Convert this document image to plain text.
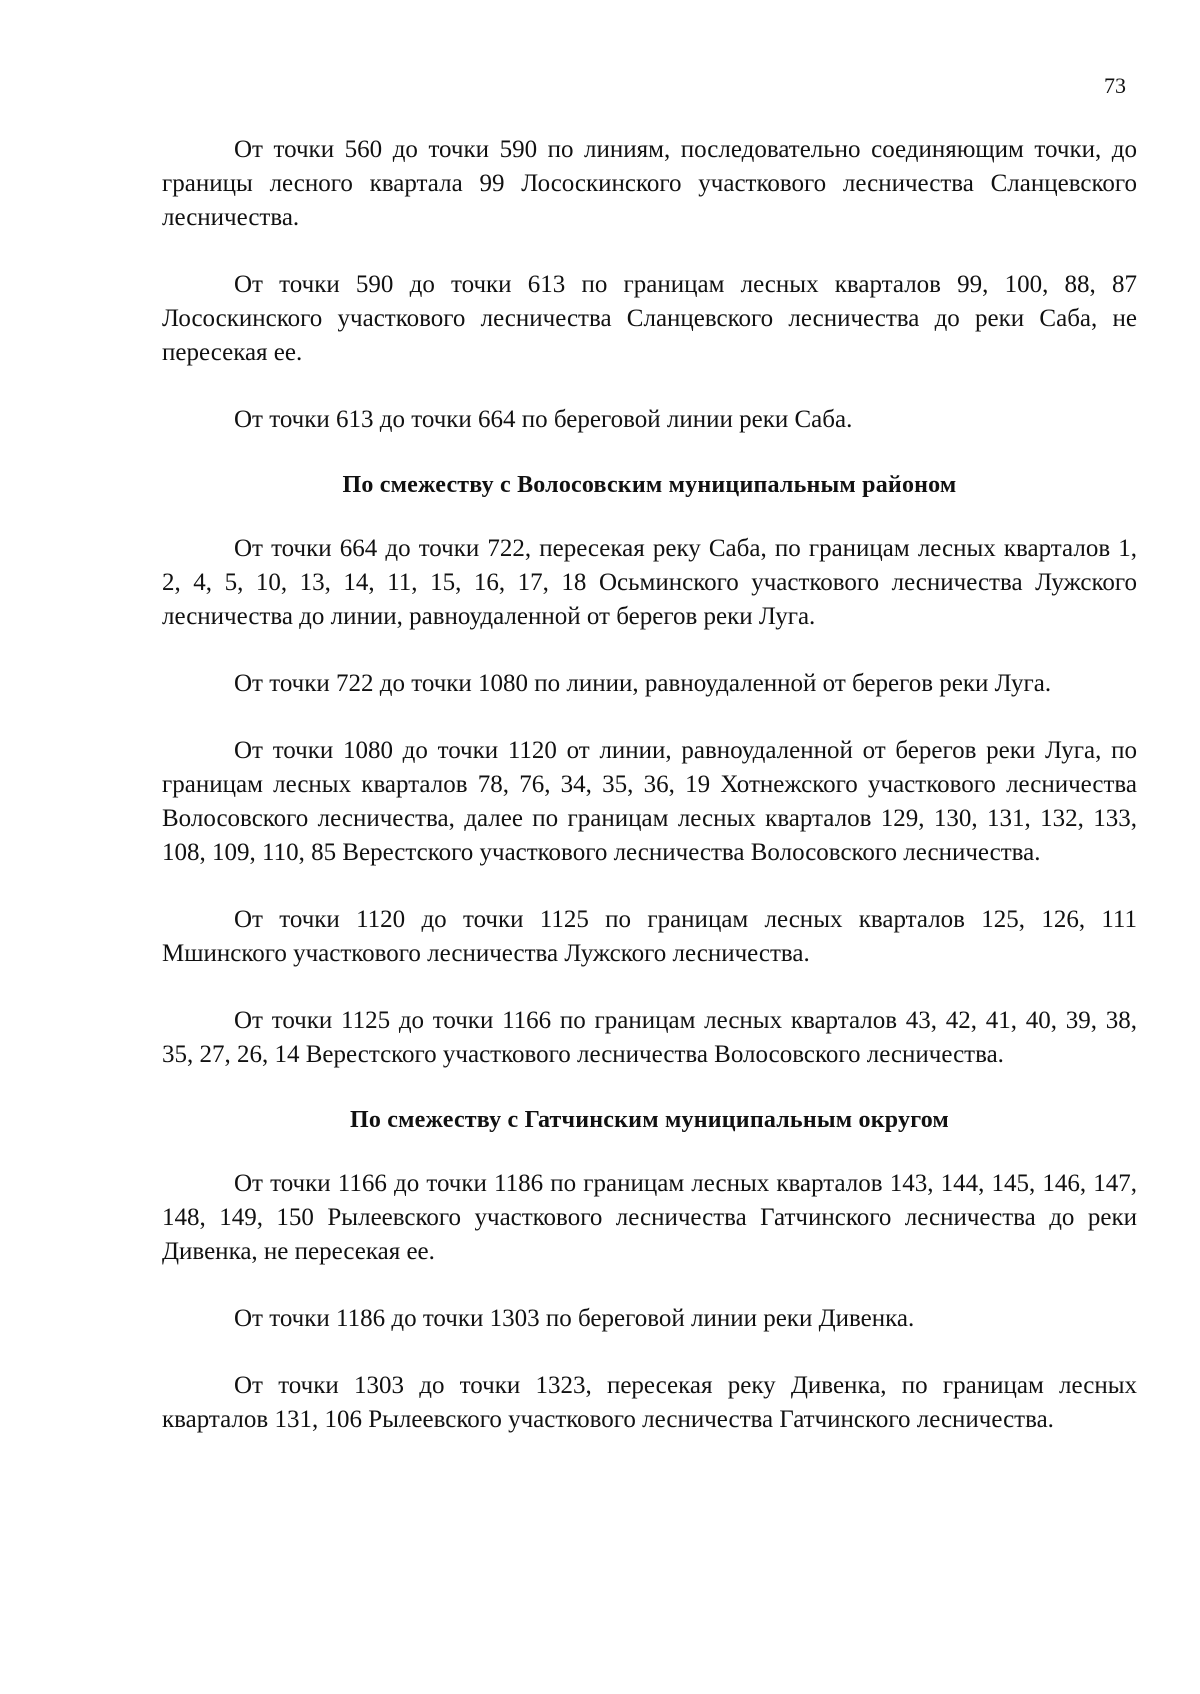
73

От точки 560 до точки 590 по линиям, последовательно соединяющим точки, до границы лесного квартала 99 Лососкинского участкового лесничества Сланцевского лесничества.

От точки 590 до точки 613 по границам лесных кварталов 99, 100, 88, 87 Лососкинского участкового лесничества Сланцевского лесничества до реки Саба, не пересекая ее.

От точки 613 до точки 664 по береговой линии реки Саба.

По смежеству с Волосовским муниципальным районом

От точки 664 до точки 722, пересекая реку Саба, по границам лесных кварталов 1, 2, 4, 5, 10, 13, 14, 11, 15, 16, 17, 18 Осьминского участкового лесничества Лужского лесничества до линии, равноудаленной от берегов реки Луга.

От точки 722 до точки 1080 по линии, равноудаленной от берегов реки Луга.

От точки 1080 до точки 1120 от линии, равноудаленной от берегов реки Луга, по границам лесных кварталов 78, 76, 34, 35, 36, 19 Хотнежского участкового лесничества Волосовского лесничества, далее по границам лесных кварталов 129, 130, 131, 132, 133, 108, 109, 110, 85 Верестского участкового лесничества Волосовского лесничества.

От точки 1120 до точки 1125 по границам лесных кварталов 125, 126, 111 Мшинского участкового лесничества Лужского лесничества.

От точки 1125 до точки 1166 по границам лесных кварталов 43, 42, 41, 40, 39, 38, 35, 27, 26, 14 Верестского участкового лесничества Волосовского лесничества.

По смежеству с Гатчинским муниципальным округом

От точки 1166 до точки 1186 по границам лесных кварталов 143, 144, 145, 146, 147, 148, 149, 150 Рылеевского участкового лесничества Гатчинского лесничества до реки Дивенка, не пересекая ее.

От точки 1186 до точки 1303 по береговой линии реки Дивенка.

От точки 1303 до точки 1323, пересекая реку Дивенка, по границам лесных кварталов 131, 106 Рылеевского участкового лесничества Гатчинского лесничества.
